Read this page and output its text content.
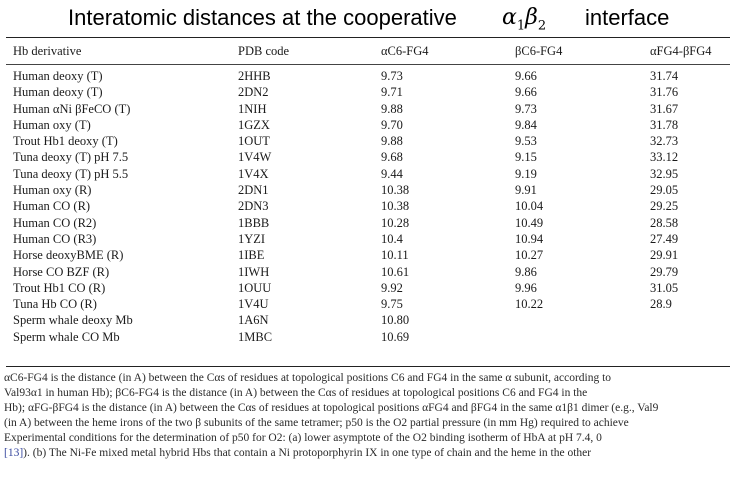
Interatomic distances at the cooperative $\alpha_1\beta_2$ interface
Hb derivative	PDB code	αC6-FG4	βC6-FG4	αFG4-βFG4
Human deoxy (T)	2HHB	9.73	9.66	31.74
Human deoxy (T)	2DN2	9.71	9.66	31.76
Human αNi βFeCO (T)	1NIH	9.88	9.73	31.67
Human oxy (T)	1GZX	9.70	9.84	31.78
Trout Hb1 deoxy (T)	1OUT	9.88	9.53	32.73
Tuna deoxy (T) pH 7.5	1V4W	9.68	9.15	33.12
Tuna deoxy (T) pH 5.5	1V4X	9.44	9.19	32.95
Human oxy (R)	2DN1	10.38	9.91	29.05
Human CO (R)	2DN3	10.38	10.04	29.25
Human CO (R2)	1BBB	10.28	10.49	28.58
Human CO (R3)	1YZI	10.4	10.94	27.49
Horse deoxyBME (R)	1IBE	10.11	10.27	29.91
Horse CO BZF (R)	1IWH	10.61	9.86	29.79
Trout Hb1 CO (R)	1OUU	9.92	9.96	31.05
Tuna Hb CO (R)	1V4U	9.75	10.22	28.9
Sperm whale deoxy Mb	1A6N	10.80
Sperm whale CO Mb	1MBC	10.69
αC6-FG4 is the distance (in A) between the Cαs of residues at topological positions C6 and FG4 in the same α subunit, according to
Val93α1 in human Hb); βC6-FG4 is the distance (in A) between the Cαs of residues at topological positions C6 and FG4 in the
Hb); αFG-βFG4 is the distance (in A) between the Cαs of residues at topological positions αFG4 and βFG4 in the same α1β1 dimer (e.g., Val9
(in A) between the heme irons of the two β subunits of the same tetramer; p50 is the O2 partial pressure (in mm Hg) required to achieve
Experimental conditions for the determination of p50 for O2: (a) lower asymptote of the O2 binding isotherm of HbA at pH 7.4, 0
[13]). (b) The Ni-Fe mixed metal hybrid Hbs that contain a Ni protoporphyrin IX in one type of chain and the heme in the other
